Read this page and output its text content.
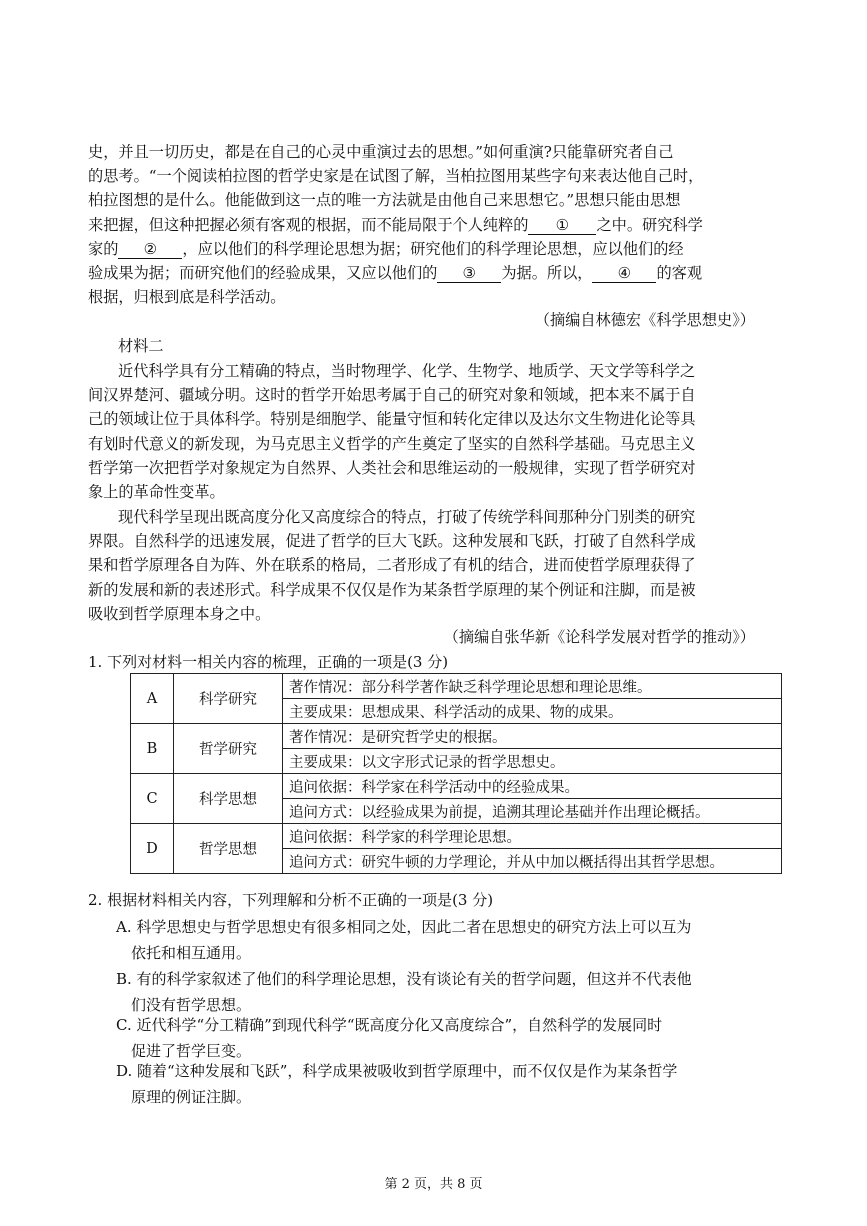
史，并且一切历史，都是在自己的心灵中重演过去的思想。”如何重演?只能靠研究者自己
的思考。“一个阅读柏拉图的哲学史家是在试图了解，当柏拉图用某些字句来表达他自己时，
柏拉图想的是什么。他能做到这一点的唯一方法就是由他自己来思想它。”思想只能由思想
来把握，但这种把握必须有客观的根据，而不能局限于个人纯粹的 ① 之中。研究科学
家的 ② ，应以他们的科学理论思想为据；研究他们的科学理论思想，应以他们的经
验成果为据；而研究他们的经验成果，又应以他们的 ③ 为据。所以， ④ 的客观
根据，归根到底是科学活动。
（摘编自林德宏《科学思想史》）
材料二
近代科学具有分工精确的特点，当时物理学、化学、生物学、地质学、天文学等科学之
间汉界楚河、疆域分明。这时的哲学开始思考属于自己的研究对象和领域，把本来不属于自
己的领域让位于具体科学。特别是细胞学、能量守恒和转化定律以及达尔文生物进化论等具
有划时代意义的新发现，为马克思主义哲学的产生奠定了坚实的自然科学基础。马克思主义
哲学第一次把哲学对象规定为自然界、人类社会和思维运动的一般规律，实现了哲学研究对
象上的革命性变革。
现代科学呈现出既高度分化又高度综合的特点，打破了传统学科间那种分门别类的研究
界限。自然科学的迅速发展，促进了哲学的巨大飞跃。这种发展和飞跃，打破了自然科学成
果和哲学原理各自为阵、外在联系的格局，二者形成了有机的结合，进而使哲学原理获得了
新的发展和新的表述形式。科学成果不仅仅是作为某条哲学原理的某个例证和注脚，而是被
吸收到哲学原理本身之中。
（摘编自张华新《论科学发展对哲学的推动》）
1. 下列对材料一相关内容的梳理，正确的一项是(3 分)
A	科学研究	著作情况：部分科学著作缺乏科学理论思想和理论思维。
		主要成果：思想成果、科学活动的成果、物的成果。
B	哲学研究	著作情况：是研究哲学史的根据。
		主要成果：以文字形式记录的哲学思想史。
C	科学思想	追问依据：科学家在科学活动中的经验成果。
		追问方式：以经验成果为前提，追溯其理论基础并作出理论概括。
D	哲学思想	追问依据：科学家的科学理论思想。
		追问方式：研究牛顿的力学理论，并从中加以概括得出其哲学思想。
2. 根据材料相关内容，下列理解和分析不正确的一项是(3 分)
A. 科学思想史与哲学思想史有很多相同之处，因此二者在思想史的研究方法上可以互为
依托和相互通用。
B. 有的科学家叙述了他们的科学理论思想，没有谈论有关的哲学问题，但这并不代表他
们没有哲学思想。
C. 近代科学“分工精确”到现代科学“既高度分化又高度综合”，自然科学的发展同时
促进了哲学巨变。
D. 随着“这种发展和飞跃”，科学成果被吸收到哲学原理中，而不仅仅是作为某条哲学
原理的例证注脚。
第 2 页，共 8 页
